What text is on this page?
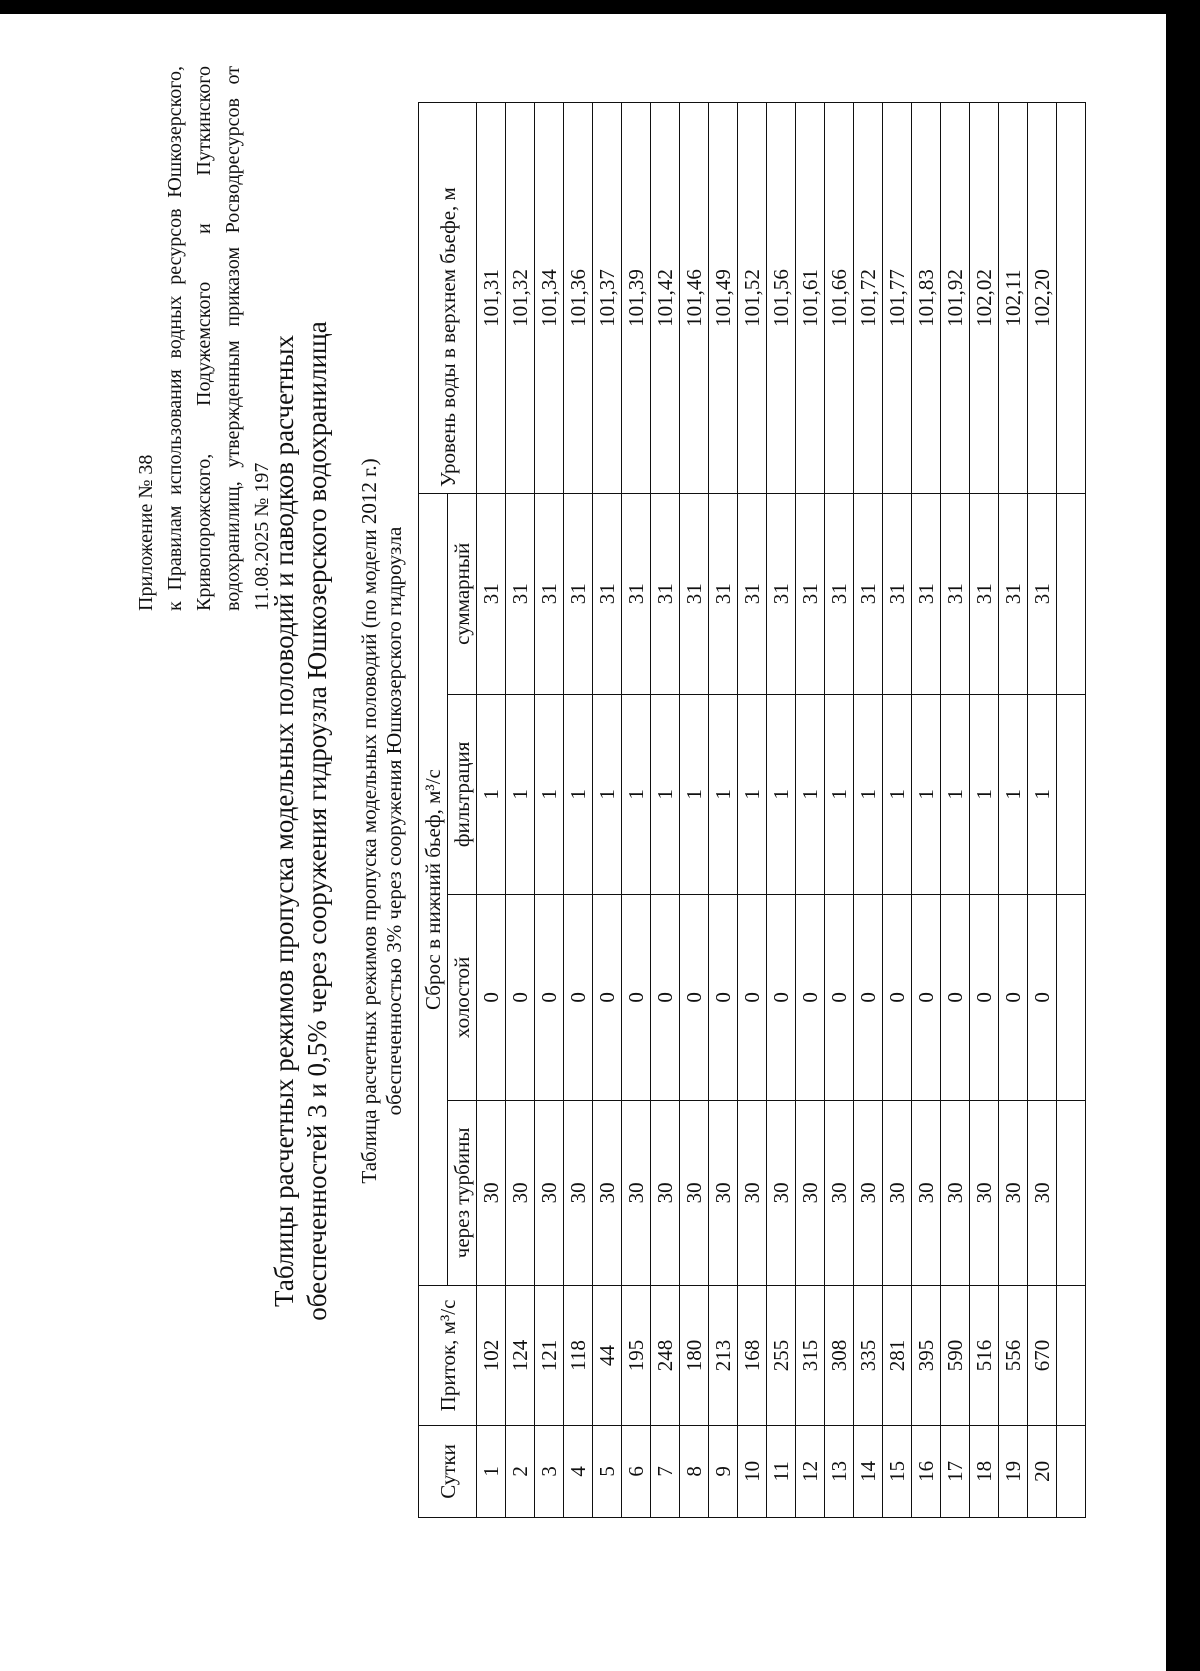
Приложение № 38 к Правилам использования водных ресурсов Юшкозерского, Кривопорожского, Подужемского и Путкинского водохранилищ, утвержденным приказом Росводресурсов от 11.08.2025 № 197

Таблицы расчетных режимов пропуска модельных половодий и паводков расчетных обеспеченностей 3 и 0,5% через сооружения гидроузла Юшкозерского водохранилища Таблица расчетных режимов пропуска модельных половодий (по модели 2012 г.) обеспеченностью 3% через сооружения Юшкозерского гидроузла
Сутки	Приток, м³/с	Сброс в нижний бьеф, м³/с				Уровень воды в верхнем бьефе, м
		через турбины	холостой	фильтрация	суммарный	
1	102	30	0	1	31	101,31
2	124	30	0	1	31	101,32
3	121	30	0	1	31	101,34
4	118	30	0	1	31	101,36
5	44	30	0	1	31	101,37
6	195	30	0	1	31	101,39
7	248	30	0	1	31	101,42
8	180	30	0	1	31	101,46
9	213	30	0	1	31	101,49
10	168	30	0	1	31	101,52
11	255	30	0	1	31	101,56
12	315	30	0	1	31	101,61
13	308	30	0	1	31	101,66
14	335	30	0	1	31	101,72
15	281	30	0	1	31	101,77
16	395	30	0	1	31	101,83
17	590	30	0	1	31	101,92
18	516	30	0	1	31	102,02
19	556	30	0	1	31	102,11
20	670	30	0	1	31	102,20
